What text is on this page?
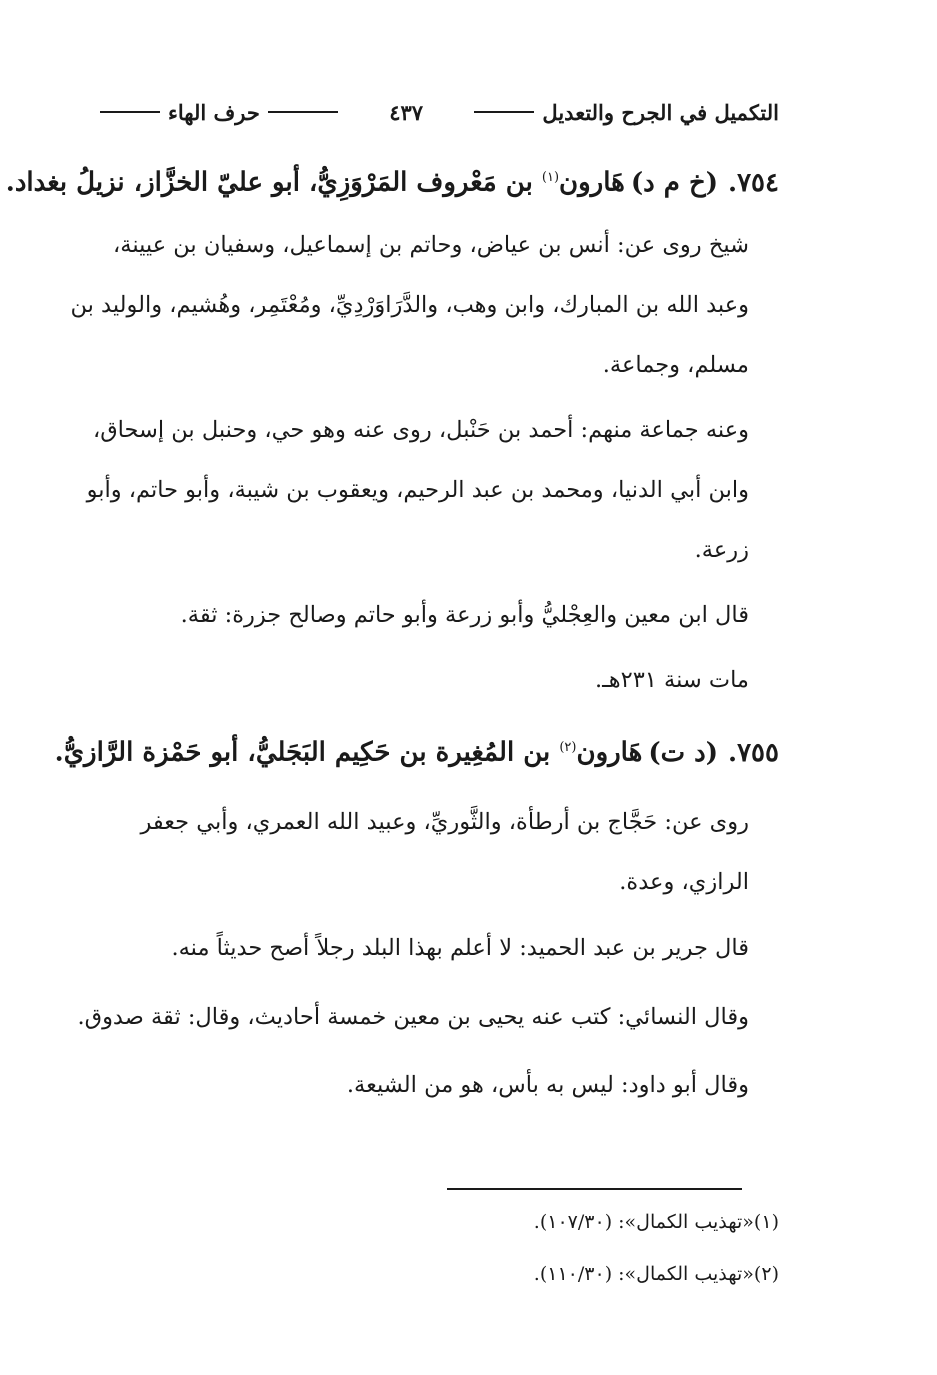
التكميل في الجرح والتعديل
٤٣٧
حرف الهاء
٧٥٤.(خ م د)هَارون$^{(١)}$ بن مَعْروف المَرْوَزِيُّ، أبو عليّ الخزَّاز، نزيلُ بغداد.
شيخ روى عن: أنس بن عياض، وحاتم بن إسماعيل، وسفيان بن عيينة،
وعبد الله بن المبارك، وابن وهب، والدَّرَاوَرْدِيِّ، ومُعْتَمِر، وهُشيم، والوليد بن
مسلم، وجماعة.
وعنه جماعة منهم: أحمد بن حَنْبل، روى عنه وهو حي، وحنبل بن إسحاق،
وابن أبي الدنيا، ومحمد بن عبد الرحيم، ويعقوب بن شيبة، وأبو حاتم، وأبو
زرعة.
قال ابن معين والعِجْليُّ وأبو زرعة وأبو حاتم وصالح جزرة: ثقة.
مات سنة ٢٣١هـ.
٧٥٥.(د ت)هَارون$^{(٢)}$ بن المُغِيرة بن حَكِيم البَجَليُّ، أبو حَمْزة الرَّازيُّ.
روى عن: حَجَّاج بن أرطأة، والثَّوريِّ، وعبيد الله العمري، وأبي جعفر
الرازي، وعدة.
قال جرير بن عبد الحميد: لا أعلم بهذا البلد رجلاً أصح حديثاً منه.
وقال النسائي: كتب عنه يحيى بن معين خمسة أحاديث، وقال: ثقة صدوق.
وقال أبو داود: ليس به بأس، هو من الشيعة.
(١)«تهذيب الكمال»: (١٠٧/٣٠).
(٢)«تهذيب الكمال»: (١١٠/٣٠).
